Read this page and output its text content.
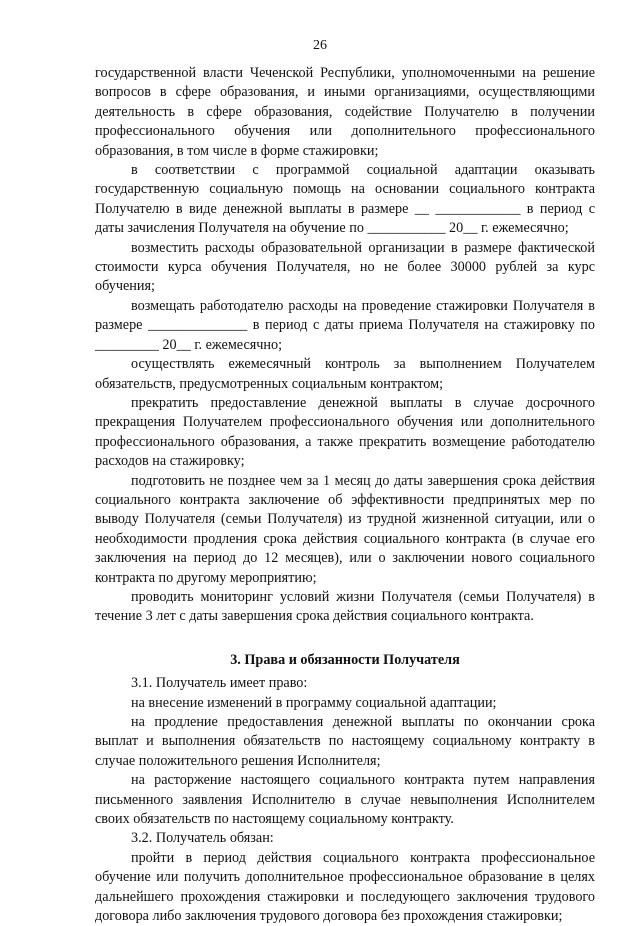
26

государственной власти Чеченской Республики, уполномоченными на решение вопросов в сфере образования, и иными организациями, осуществляющими деятельность в сфере образования, содействие Получателю в получении профессионального обучения или дополнительного профессионального образования, в том числе в форме стажировки;

в соответствии с программой социальной адаптации оказывать государственную социальную помощь на основании социального контракта Получателю в виде денежной выплаты в размере __ ____________ в период с даты зачисления Получателя на обучение по ___________ 20__ г. ежемесячно;

возместить расходы образовательной организации в размере фактической стоимости курса обучения Получателя, но не более 30000 рублей за курс обучения;

возмещать работодателю расходы на проведение стажировки Получателя в размере ______________ в период с даты приема Получателя на стажировку по _________ 20__ г. ежемесячно;

осуществлять ежемесячный контроль за выполнением Получателем обязательств, предусмотренных социальным контрактом;

прекратить предоставление денежной выплаты в случае досрочного прекращения Получателем профессионального обучения или дополнительного профессионального образования, а также прекратить возмещение работодателю расходов на стажировку;

подготовить не позднее чем за 1 месяц до даты завершения срока действия социального контракта заключение об эффективности предпринятых мер по выводу Получателя (семьи Получателя) из трудной жизненной ситуации, или о необходимости продления срока действия социального контракта (в случае его заключения на период до 12 месяцев), или о заключении нового социального контракта по другому мероприятию;

проводить мониторинг условий жизни Получателя (семьи Получателя) в течение 3 лет с даты завершения срока действия социального контракта.

3. Права и обязанности Получателя

3.1. Получатель имеет право:

на внесение изменений в программу социальной адаптации;

на продление предоставления денежной выплаты по окончании срока выплат и выполнения обязательств по настоящему социальному контракту в случае положительного решения Исполнителя;

на расторжение настоящего социального контракта путем направления письменного заявления Исполнителю в случае невыполнения Исполнителем своих обязательств по настоящему социальному контракту.

3.2. Получатель обязан:

пройти в период действия социального контракта профессиональное обучение или получить дополнительное профессиональное образование в целях дальнейшего прохождения стажировки и последующего заключения трудового договора либо заключения трудового договора без прохождения стажировки;
